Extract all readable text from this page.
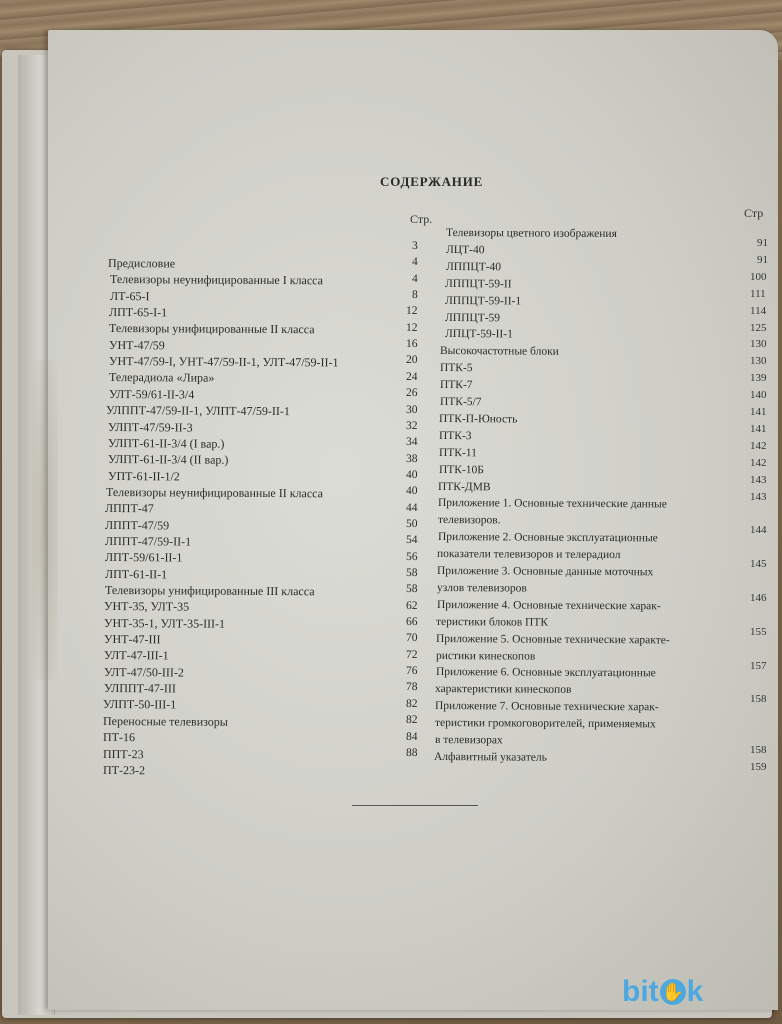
СОДЕРЖАНИЕ
Стр.	Стр
Предисловие
3
Телевизоры неунифицированные I класса
4
ЛТ-65-I
4
ЛПТ-65-I-1
8
Телевизоры унифицированные II класса
12
УНТ-47/59
12
УНТ-47/59-I, УНТ-47/59-II-1, УЛТ-47/59-II-1
16
Телерадиола «Лира»
20
УЛТ-59/61-II-3/4
24
УЛППТ-47/59-II-1, УЛПТ-47/59-II-1
26
УЛПТ-47/59-II-3
30
УЛПТ-61-II-3/4 (I вар.)
32
УЛПТ-61-II-3/4 (II вар.)
34
УПТ-61-II-1/2
38
Телевизоры неунифицированные II класса
40
ЛППТ-47
40
ЛППТ-47/59
44
ЛППТ-47/59-II-1
50
ЛПТ-59/61-II-1
54
ЛПТ-61-II-1
56
Телевизоры унифицированные III класса
58
УНТ-35, УЛТ-35
58
УНТ-35-1, УЛТ-35-III-1
62
УНТ-47-III
66
УЛТ-47-III-1
70
УЛТ-47/50-III-2
72
УЛППТ-47-III
76
УЛПТ-50-III-1
78
Переносные телевизоры
82
ПТ-16
82
ППТ-23
84
ПТ-23-2
88
Телевизоры цветного изображения
91
ЛЦТ-40
91
ЛППЦТ-40
100
ЛППЦТ-59-II
111
ЛППЦТ-59-II-1
114
ЛППЦТ-59
125
ЛПЦТ-59-II-1
130
Высокочастотные блоки
130
ПТК-5
139
ПТК-7
140
ПТК-5/7
141
ПТК-П-Юность
141
ПТК-3
142
ПТК-11
142
ПТК-10Б
143
ПТК-ДМВ
143
Приложение 1. Основные технические данные
телевизоров.
144
Приложение 2. Основные эксплуатационные
показатели телевизоров и телерадиол
145
Приложение 3. Основные данные моточных
узлов телевизоров
146
Приложение 4. Основные технические харак-
теристики блоков ПТК
155
Приложение 5. Основные технические характе-
ристики кинескопов
157
Приложение 6. Основные эксплуатационные
характеристики кинескопов
158
Приложение 7. Основные технические харак-
теристики громкоговорителей, применяемых
в телевизорах
158
Алфавитный указатель
159
bit ✋ k
